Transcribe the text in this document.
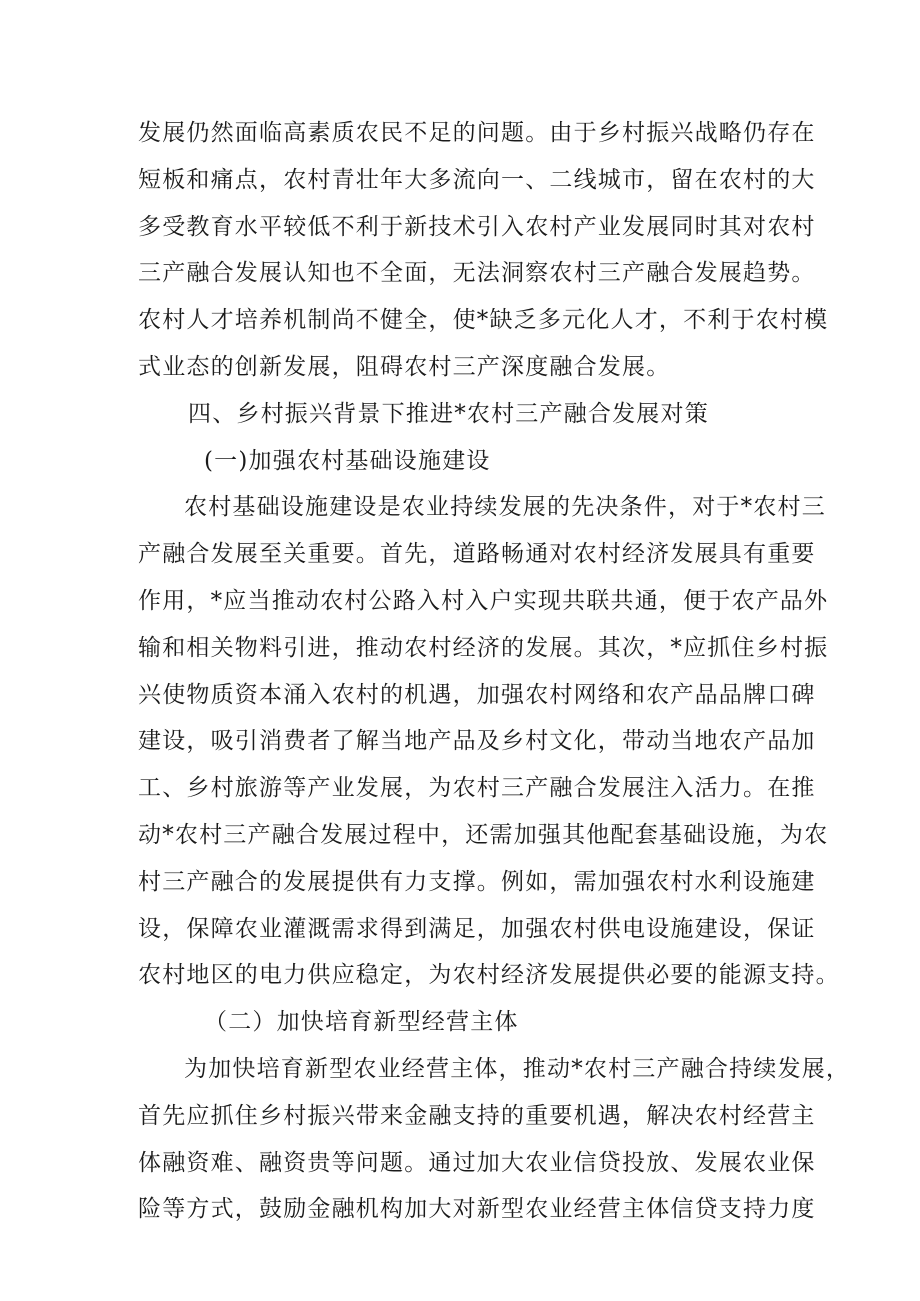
发展仍然面临高素质农民不足的问题。由于乡村振兴战略仍存在
短板和痛点，农村青壮年大多流向一、二线城市，留在农村的大
多受教育水平较低不利于新技术引入农村产业发展同时其对农村
三产融合发展认知也不全面，无法洞察农村三产融合发展趋势。
农村人才培养机制尚不健全，使*缺乏多元化人才，不利于农村模
式业态的创新发展，阻碍农村三产深度融合发展。
四、乡村振兴背景下推进*农村三产融合发展对策
(一)加强农村基础设施建设
农村基础设施建设是农业持续发展的先决条件，对于*农村三
产融合发展至关重要。首先，道路畅通对农村经济发展具有重要
作用，*应当推动农村公路入村入户实现共联共通，便于农产品外
输和相关物料引进，推动农村经济的发展。其次，*应抓住乡村振
兴使物质资本涌入农村的机遇，加强农村网络和农产品品牌口碑
建设，吸引消费者了解当地产品及乡村文化，带动当地农产品加
工、乡村旅游等产业发展，为农村三产融合发展注入活力。在推
动*农村三产融合发展过程中，还需加强其他配套基础设施，为农
村三产融合的发展提供有力支撑。例如，需加强农村水利设施建
设，保障农业灌溉需求得到满足，加强农村供电设施建设，保证
农村地区的电力供应稳定，为农村经济发展提供必要的能源支持。
（二）加快培育新型经营主体
为加快培育新型农业经营主体，推动*农村三产融合持续发展，
首先应抓住乡村振兴带来金融支持的重要机遇，解决农村经营主
体融资难、融资贵等问题。通过加大农业信贷投放、发展农业保
险等方式，鼓励金融机构加大对新型农业经营主体信贷支持力度
